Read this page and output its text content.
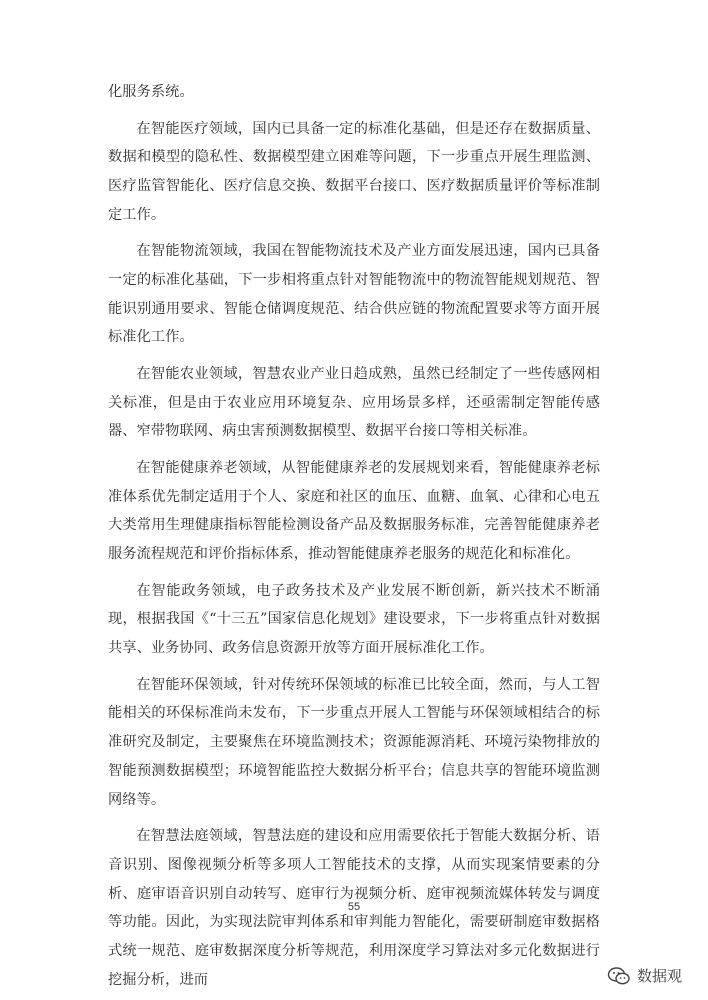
化服务系统。

在智能医疗领域，国内已具备一定的标准化基础，但是还存在数据质量、数据和模型的隐私性、数据模型建立困难等问题，下一步重点开展生理监测、医疗监管智能化、医疗信息交换、数据平台接口、医疗数据质量评价等标准制定工作。

在智能物流领域，我国在智能物流技术及产业方面发展迅速，国内已具备一定的标准化基础，下一步相将重点针对智能物流中的物流智能规划规范、智能识别通用要求、智能仓储调度规范、结合供应链的物流配置要求等方面开展标准化工作。

在智能农业领域，智慧农业产业日趋成熟，虽然已经制定了一些传感网相关标准，但是由于农业应用环境复杂、应用场景多样，还亟需制定智能传感器、窄带物联网、病虫害预测数据模型、数据平台接口等相关标准。

在智能健康养老领域，从智能健康养老的发展规划来看，智能健康养老标准体系优先制定适用于个人、家庭和社区的血压、血糖、血氧、心律和心电五大类常用生理健康指标智能检测设备产品及数据服务标准，完善智能健康养老服务流程规范和评价指标体系，推动智能健康养老服务的规范化和标准化。

在智能政务领域，电子政务技术及产业发展不断创新，新兴技术不断涌现，根据我国《“十三五”国家信息化规划》建设要求，下一步将重点针对数据共享、业务协同、政务信息资源开放等方面开展标准化工作。

在智能环保领域，针对传统环保领域的标准已比较全面，然而，与人工智能相关的环保标准尚未发布，下一步重点开展人工智能与环保领域相结合的标准研究及制定，主要聚焦在环境监测技术；资源能源消耗、环境污染物排放的智能预测数据模型；环境智能监控大数据分析平台；信息共享的智能环境监测网络等。

在智慧法庭领域，智慧法庭的建设和应用需要依托于智能大数据分析、语音识别、图像视频分析等多项人工智能技术的支撑，从而实现案情要素的分析、庭审语音识别自动转写、庭审行为视频分析、庭审视频流媒体转发与调度等功能。因此，为实现法院审判体系和审判能力智能化，需要研制庭审数据格式统一规范、庭审数据深度分析等规范，利用深度学习算法对多元化数据进行挖掘分析，进而

55
数据观
